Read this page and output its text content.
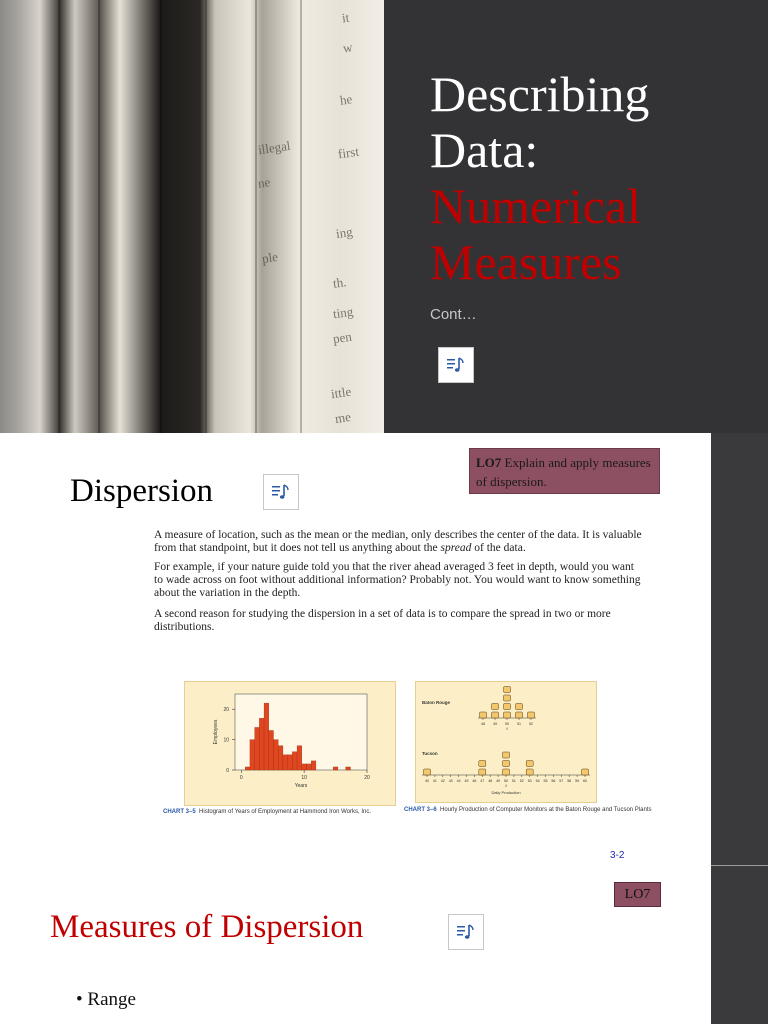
it
w
he
first
illegal
ing
th.
ting
pen
ittle
me
ne
ple
Describing
Data:
Numerical
Measures
Cont…
LO7 Explain and apply measures of dispersion.
Dispersion

A measure of location, such as the mean or the median, only describes the center of the data. It is valuable from that standpoint, but it does not tell us anything about the spread of the data.

For example, if your nature guide told you that the river ahead averaged 3 feet in depth, would you want to wade across on foot without additional information? Probably not. You would want to know something about the variation in the depth.

A second reason for studying the dispersion in a set of data is to compare the spread in two or more distributions.

0
10
20
0	10	20
Years
Employees
CHART 3–5 Histogram of Years of Employment at Hammond Iron Works, Inc.
Baton Rouge
Tucson
48 49 50 51 52
x̄
40 41 42 43 44 45 46 47 48 49 50 51 52 53 54 55 56 57 58 59 60
x̄
Daily Production
CHART 3–6 Hourly Production of Computer Monitors at the Baton Rouge and Tucson Plants
3-2
LO7
Measures of Dispersion
• Range
